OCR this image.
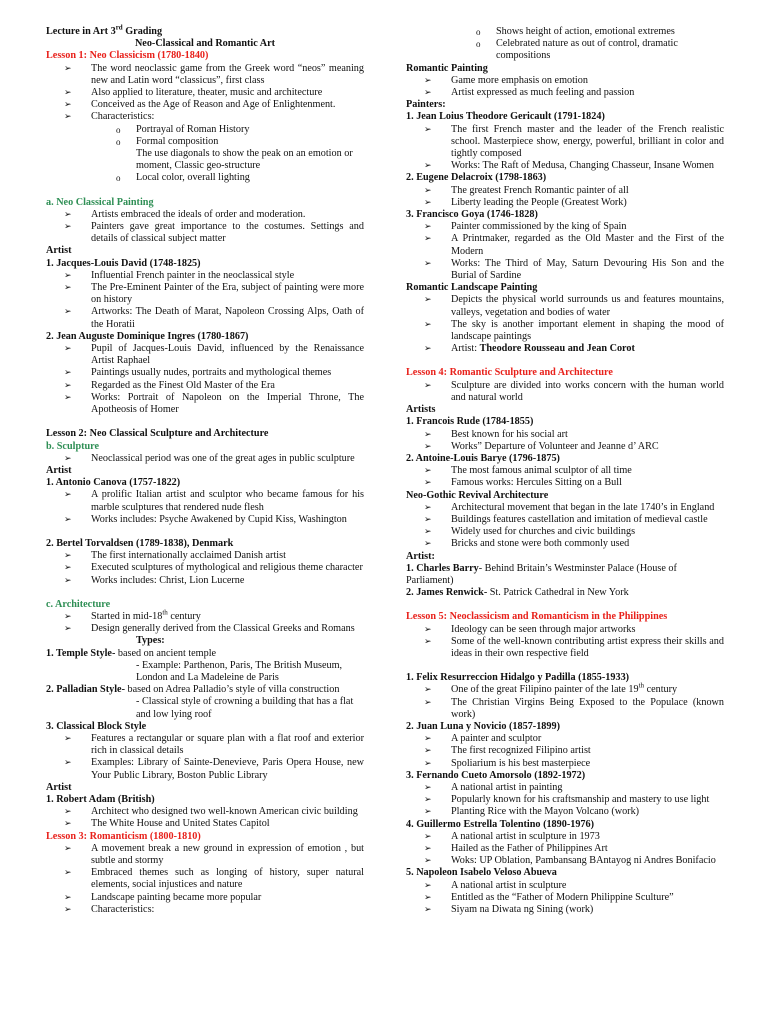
Lecture in Art 3rd Grading
Neo-Classical and Romantic Art
Lesson 1: Neo Classicism (1780-1840)
➢ The word neoclassic game from the Greek word “neos” meaning new and Latin word “classicus”, first class
➢ Also applied to literature, theater, music and architecture
➢ Conceived as the Age of Reason and Age of Enlightenment.
➢ Characteristics:
o Portrayal of Roman History
o Formal composition
The use diagonals to show the peak on an emotion or moment, Classic geo-structure
o Local color, overall lighting
a. Neo Classical Painting
➢ Artists embraced the ideals of order and moderation.
➢ Painters gave great importance to the costumes. Settings and details of classical subject matter
Artist
1. Jacques-Louis David (1748-1825)
➢ Influential French painter in the neoclassical style
➢ The Pre-Eminent Painter of the Era, subject of painting were more on history
➢ Artworks: The Death of Marat, Napoleon Crossing Alps, Oath of the Horatii
2. Jean Auguste Dominique Ingres (1780-1867)
➢ Pupil of Jacques-Louis David, influenced by the Renaissance Artist Raphael
➢ Paintings usually nudes, portraits and mythological themes
➢ Regarded as the Finest Old Master of the Era
➢ Works: Portrait of Napoleon on the Imperial Throne, The Apotheosis of Homer
Lesson 2: Neo Classical Sculpture and Architecture
b. Sculpture
➢ Neoclassical period was one of the great ages in public sculpture
Artist
1. Antonio Canova (1757-1822)
➢ A prolific Italian artist and sculptor who became famous for his marble sculptures that rendered nude flesh
➢ Works includes: Psyche Awakened by Cupid Kiss, Washington
2. Bertel Torvaldsen (1789-1838), Denmark
➢ The first internationally acclaimed Danish artist
➢ Executed sculptures of mythological and religious theme character
➢ Works includes: Christ, Lion Lucerne
c. Architecture
➢ Started in mid-18th century
➢ Design generally derived from the Classical Greeks and Romans
Types:
1. Temple Style- based on ancient temple
- Example: Parthenon, Paris, The British Museum, London and La Madeleine de Paris
2. Palladian Style- based on Adrea Palladio’s style of villa construction
- Classical style of crowning a building that has a flat and low lying roof
3. Classical Block Style
➢ Features a rectangular or square plan with a flat roof and exterior rich in classical details
➢ Examples: Library of Sainte-Denevieve, Paris Opera House, new Your Public Library, Boston Public Library
Artist
1. Robert Adam (British)
➢ Architect who designed two well-known American civic building
➢ The White House and United States Capitol
Lesson 3: Romanticism (1800-1810)
➢ A movement break a new ground in expression of emotion , but subtle and stormy
➢ Embraced themes such as longing of history, super natural elements, social injustices and nature
➢ Landscape painting became more popular
➢ Characteristics:
o Shows height of action, emotional extremes
o Celebrated nature as out of control, dramatic compositions
Romantic Painting
➢ Game more emphasis on emotion
➢ Artist expressed as much feeling and passion
Painters:
1. Jean Loius Theodore Gericault (1791-1824)
➢ The first French master and the leader of the French realistic school. Masterpiece show, energy, powerful, brilliant in color and tightly composed
➢ Works: The Raft of Medusa, Changing Chasseur, Insane Women
2. Eugene Delacroix (1798-1863)
➢ The greatest French Romantic painter of all
➢ Liberty leading the People (Greatest Work)
3. Francisco Goya (1746-1828)
➢ Painter commissioned by the king of Spain
➢ A Printmaker, regarded as the Old Master and the First of the Modern
➢ Works: The Third of May, Saturn Devouring His Son and the Burial of Sardine
Romantic Landscape Painting
➢ Depicts the physical world surrounds us and features mountains, valleys, vegetation and bodies of water
➢ The sky is another important element in shaping the mood of landscape paintings
➢ Artist: Theodore Rousseau and Jean Corot
Lesson 4: Romantic Sculpture and Architecture
➢ Sculpture are divided into works concern with the human world and natural world
Artists
1. Francois Rude (1784-1855)
➢ Best known for his social art
➢ Works” Departure of Volunteer and Jeanne d’ ARC
2. Antoine-Louis Barye (1796-1875)
➢ The most famous animal sculptor of all time
➢ Famous works: Hercules Sitting on a Bull
Neo-Gothic Revival Architecture
➢ Architectural movement that began in the late 1740’s in England
➢ Buildings features castellation and imitation of medieval castle
➢ Widely used for churches and civic buildings
➢ Bricks and stone were both commonly used
Artist:
1. Charles Barry- Behind Britain’s Westminster Palace (House of Parliament)
2. James Renwick- St. Patrick Cathedral in New York
Lesson 5: Neoclassicism and Romanticism in the Philippines
➢ Ideology can be seen through major artworks
➢ Some of the well-known contributing artist express their skills and ideas in their own respective field
1. Felix Resurreccion Hidalgo y Padilla (1855-1933)
➢ One of the great Filipino painter of the late 19th century
➢ The Christian Virgins Being Exposed to the Populace (known work)
2. Juan Luna y Novicio (1857-1899)
➢ A painter and sculptor
➢ The first recognized Filipino artist
➢ Spoliarium is his best masterpiece
3. Fernando Cueto Amorsolo (1892-1972)
➢ A national artist in painting
➢ Popularly known for his craftsmanship and mastery to use light
➢ Planting Rice with the Mayon Volcano (work)
4. Guillermo Estrella Tolentino (1890-1976)
➢ A national artist in sculpture in 1973
➢ Hailed as the Father of Philippines Art
➢ Woks: UP Oblation, Pambansang BAntayog ni Andres Bonifacio
5. Napoleon Isabelo Veloso Abueva
➢ A national artist in sculpture
➢ Entitled as the “Father of Modern Philippine Sculture”
➢ Siyam na Diwata ng Sining (work)
